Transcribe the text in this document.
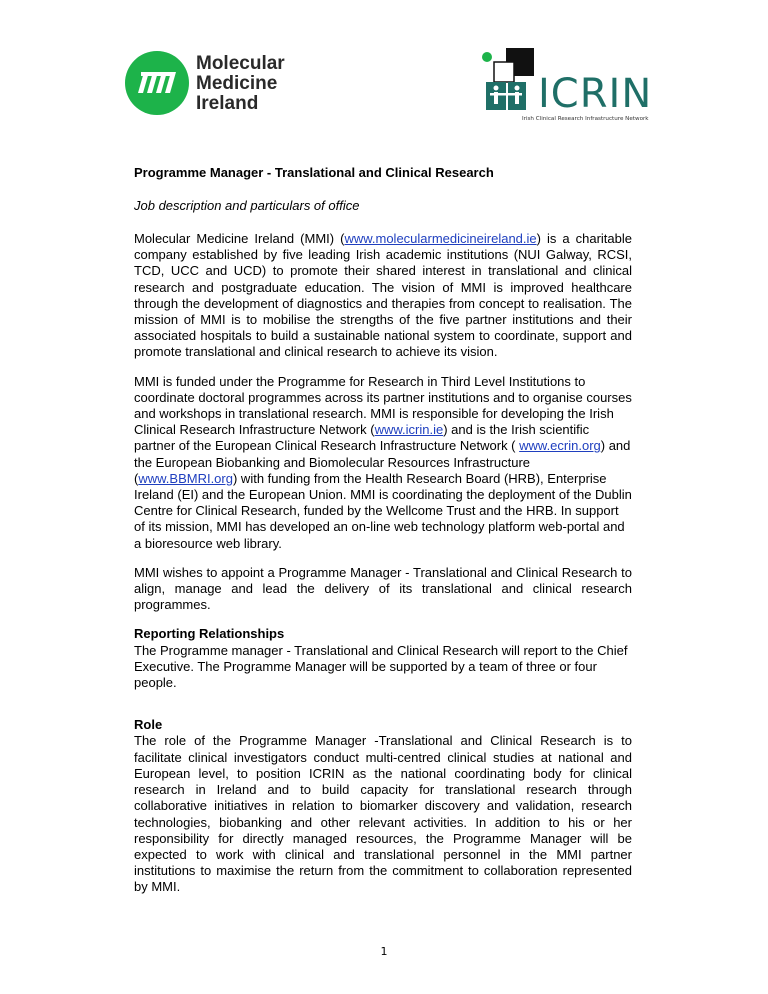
Molecular
Medicine
Ireland	ICRIN
Irish Clinical Research Infrastructure Network
Programme Manager - Translational and Clinical Research
Job description and particulars of office

Molecular Medicine Ireland (MMI) (www.molecularmedicineireland.ie) is a charitable company established by five leading Irish academic institutions (NUI Galway, RCSI, TCD, UCC and UCD) to promote their shared interest in translational and clinical research and postgraduate education. The vision of MMI is improved healthcare through the development of diagnostics and therapies from concept to realisation. The mission of MMI is to mobilise the strengths of the five partner institutions and their associated hospitals to build a sustainable national system to coordinate, support and promote translational and clinical research to achieve its vision.

MMI is funded under the Programme for Research in Third Level Institutions to coordinate doctoral programmes across its partner institutions and to organise courses and workshops in translational research. MMI is responsible for developing the Irish Clinical Research Infrastructure Network (www.icrin.ie) and is the Irish scientific partner of the European Clinical Research Infrastructure Network ( www.ecrin.org) and the European Biobanking and Biomolecular Resources Infrastructure (www.BBMRI.org) with funding from the Health Research Board (HRB), Enterprise Ireland (EI) and the European Union. MMI is coordinating the deployment of the Dublin Centre for Clinical Research, funded by the Wellcome Trust and the HRB. In support of its mission, MMI has developed an on-line web technology platform web-portal and a bioresource web library.

MMI wishes to appoint a Programme Manager - Translational and Clinical Research to align, manage and lead the delivery of its translational and clinical research programmes.

Reporting Relationships

The Programme manager - Translational and Clinical Research will report to the Chief Executive. The Programme Manager will be supported by a team of three or four people.

Role

The role of the Programme Manager -Translational and Clinical Research is to facilitate clinical investigators conduct multi-centred clinical studies at national and European level, to position ICRIN as the national coordinating body for clinical research in Ireland and to build capacity for translational research through collaborative initiatives in relation to biomarker discovery and validation, research technologies, biobanking and other relevant activities. In addition to his or her responsibility for directly managed resources, the Programme Manager will be expected to work with clinical and translational personnel in the MMI partner institutions to maximise the return from the commitment to collaboration represented by MMI.

1
